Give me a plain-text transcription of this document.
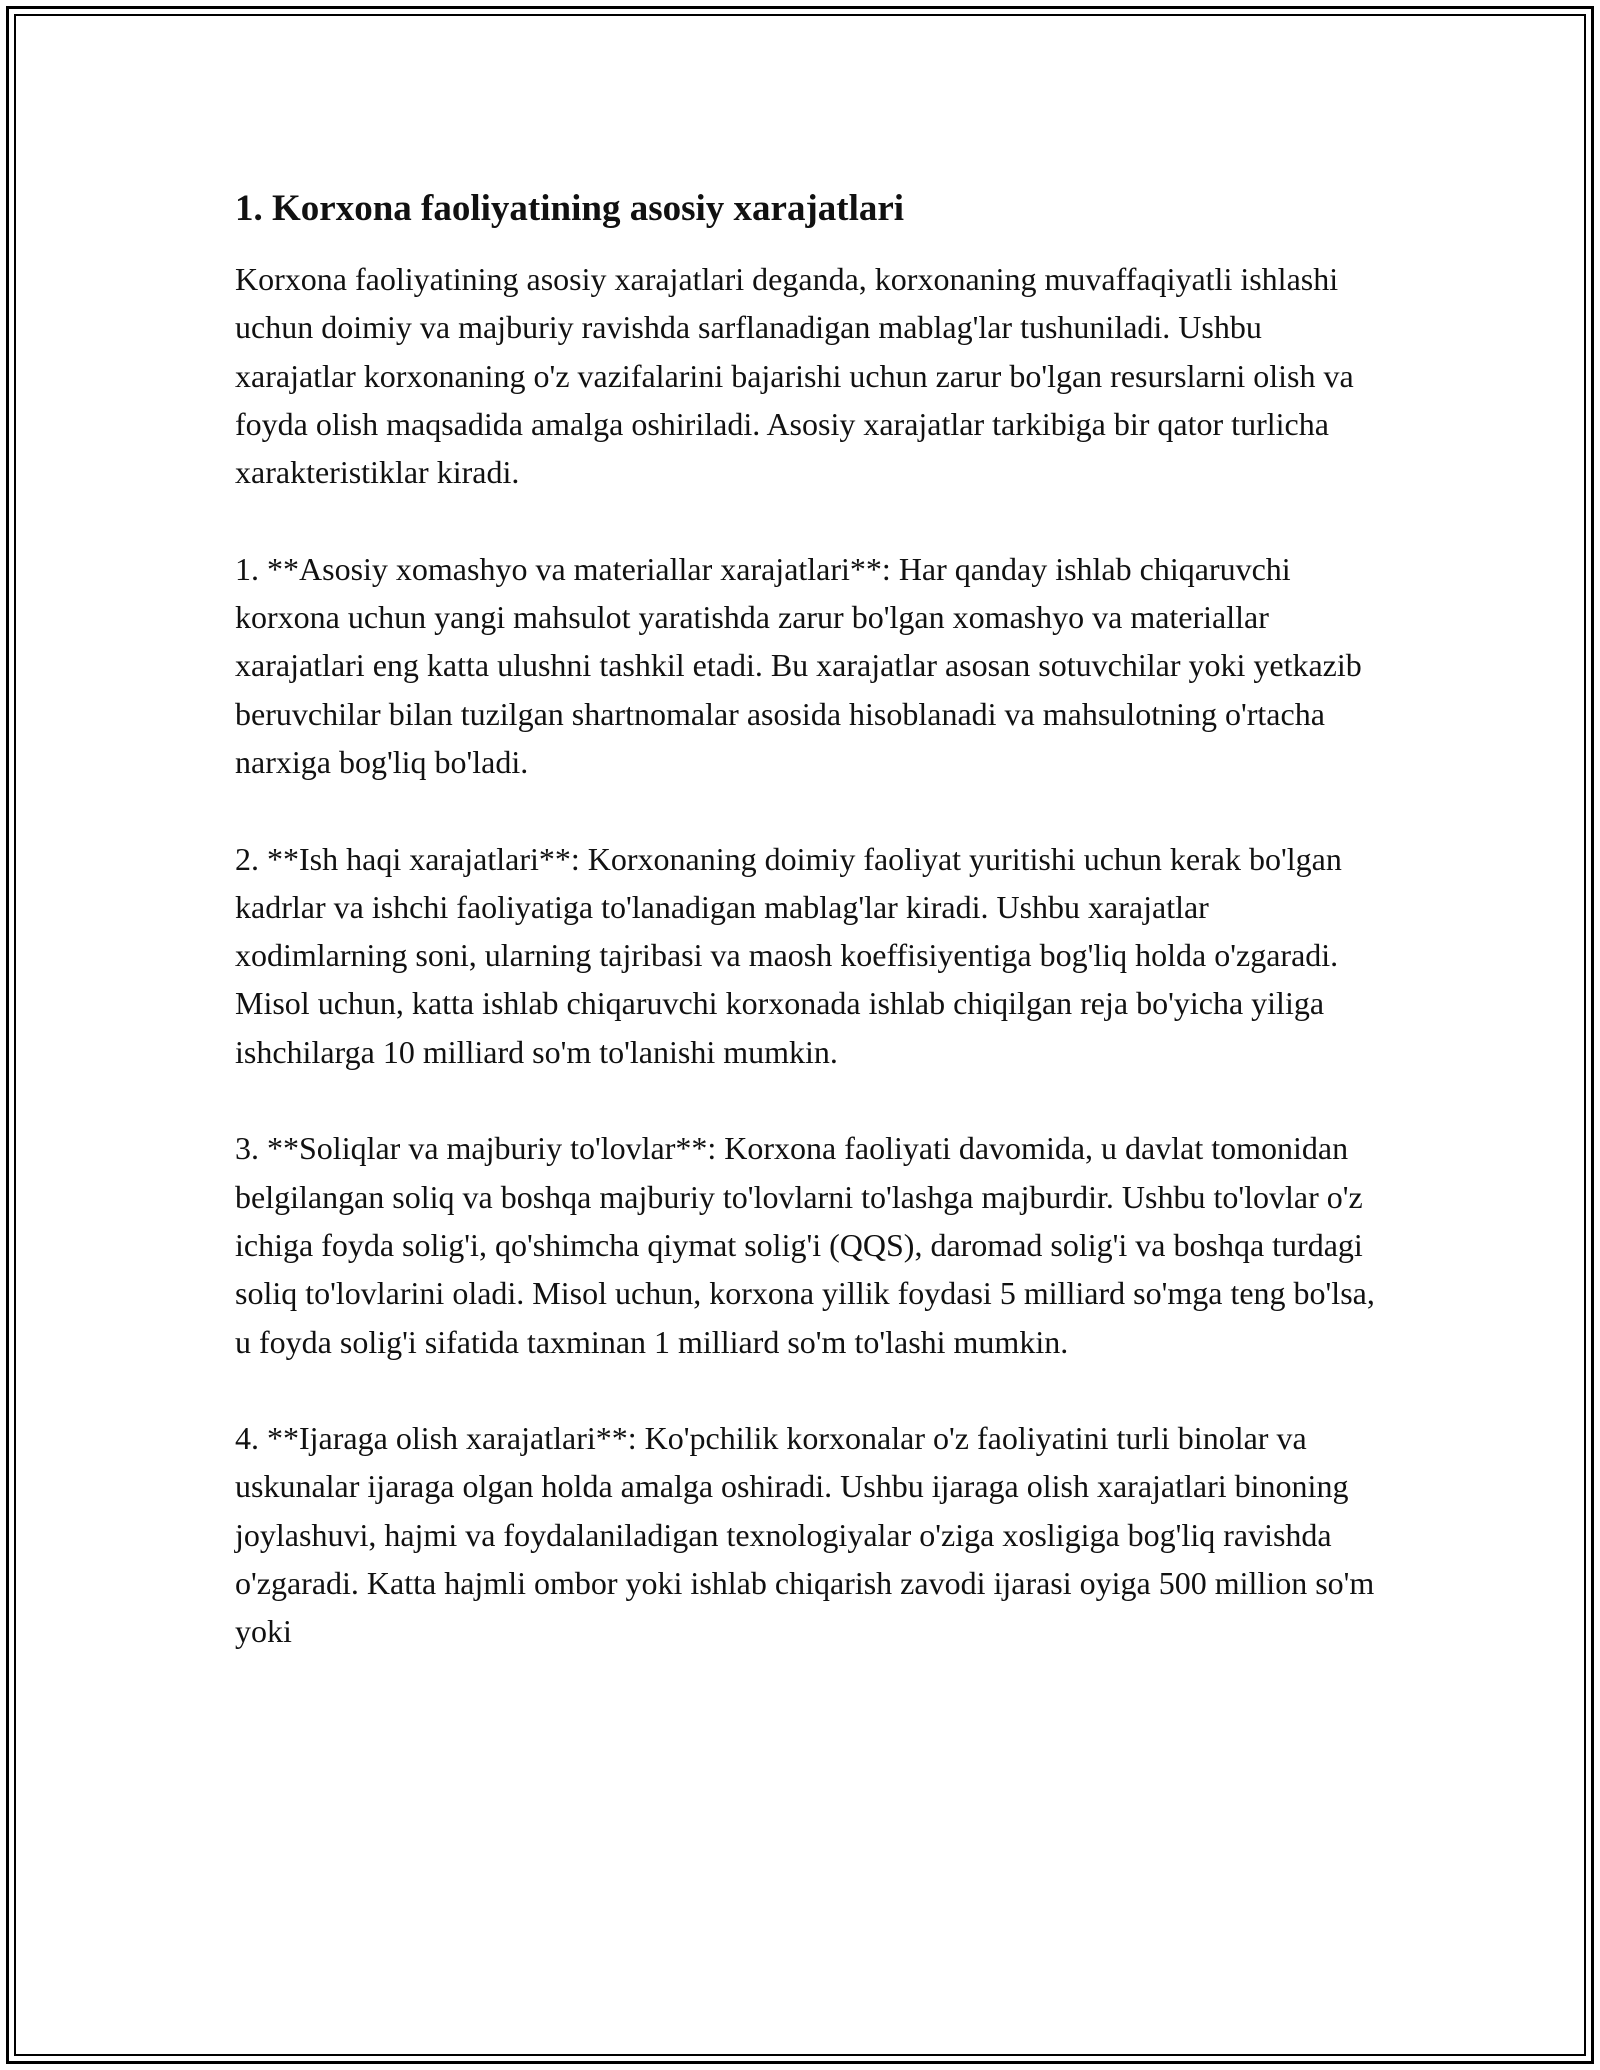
1. Korxona faoliyatining asosiy xarajatlari

Korxona faoliyatining asosiy xarajatlari deganda, korxonaning muvaffaqiyatli ishlashi uchun doimiy va majburiy ravishda sarflanadigan mablag'lar tushuniladi. Ushbu xarajatlar korxonaning o'z vazifalarini bajarishi uchun zarur bo'lgan resurslarni olish va foyda olish maqsadida amalga oshiriladi. Asosiy xarajatlar tarkibiga bir qator turlicha xarakteristiklar kiradi.

1. **Asosiy xomashyo va materiallar xarajatlari**: Har qanday ishlab chiqaruvchi korxona uchun yangi mahsulot yaratishda zarur bo'lgan xomashyo va materiallar xarajatlari eng katta ulushni tashkil etadi. Bu xarajatlar asosan sotuvchilar yoki yetkazib beruvchilar bilan tuzilgan shartnomalar asosida hisoblanadi va mahsulotning o'rtacha narxiga bog'liq bo'ladi.

2. **Ish haqi xarajatlari**: Korxonaning doimiy faoliyat yuritishi uchun kerak bo'lgan kadrlar va ishchi faoliyatiga to'lanadigan mablag'lar kiradi. Ushbu xarajatlar xodimlarning soni, ularning tajribasi va maosh koeffisiyentiga bog'liq holda o'zgaradi. Misol uchun, katta ishlab chiqaruvchi korxonada ishlab chiqilgan reja bo'yicha yiliga ishchilarga 10 milliard so'm to'lanishi mumkin.

3. **Soliqlar va majburiy to'lovlar**: Korxona faoliyati davomida, u davlat tomonidan belgilangan soliq va boshqa majburiy to'lovlarni to'lashga majburdir. Ushbu to'lovlar o'z ichiga foyda solig'i, qo'shimcha qiymat solig'i (QQS), daromad solig'i va boshqa turdagi soliq to'lovlarini oladi. Misol uchun, korxona yillik foydasi 5 milliard so'mga teng bo'lsa, u foyda solig'i sifatida taxminan 1 milliard so'm to'lashi mumkin.

4. **Ijaraga olish xarajatlari**: Ko'pchilik korxonalar o'z faoliyatini turli binolar va uskunalar ijaraga olgan holda amalga oshiradi. Ushbu ijaraga olish xarajatlari binoning joylashuvi, hajmi va foydalaniladigan texnologiyalar o'ziga xosligiga bog'liq ravishda o'zgaradi. Katta hajmli ombor yoki ishlab chiqarish zavodi ijarasi oyiga 500 million so'm yoki
